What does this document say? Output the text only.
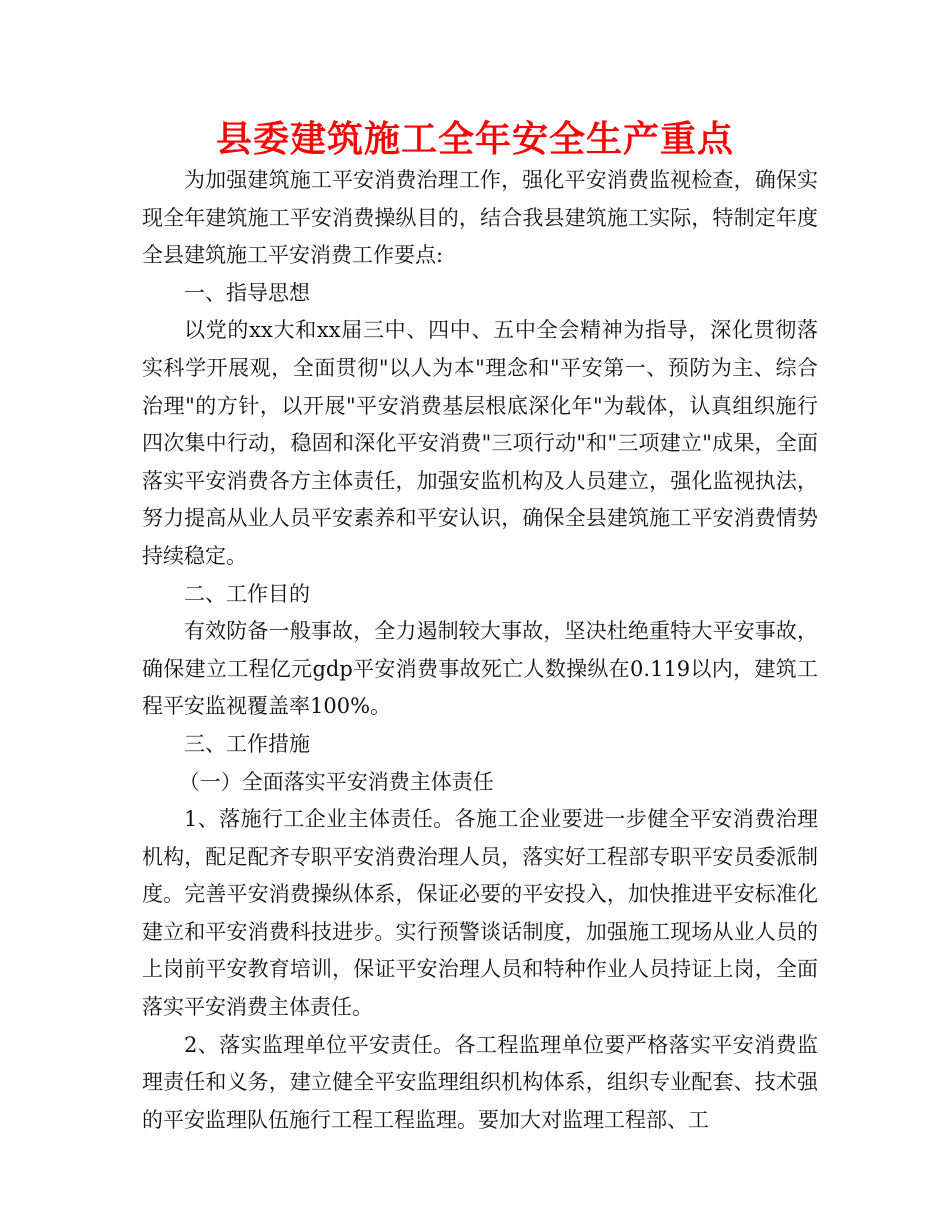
县委建筑施工全年安全生产重点

为加强建筑施工平安消费治理工作，强化平安消费监视检查，确保实现全年建筑施工平安消费操纵目的，结合我县建筑施工实际，特制定年度全县建筑施工平安消费工作要点:

一、指导思想

以党的xx大和xx届三中、四中、五中全会精神为指导，深化贯彻落实科学开展观，全面贯彻"以人为本"理念和"平安第一、预防为主、综合治理"的方针，以开展"平安消费基层根底深化年"为载体，认真组织施行四次集中行动，稳固和深化平安消费"三项行动"和"三项建立"成果，全面落实平安消费各方主体责任，加强安监机构及人员建立，强化监视执法，努力提高从业人员平安素养和平安认识，确保全县建筑施工平安消费情势持续稳定。

二、工作目的

有效防备一般事故，全力遏制较大事故，坚决杜绝重特大平安事故，确保建立工程亿元gdp平安消费事故死亡人数操纵在0.119以内，建筑工程平安监视覆盖率100%。

三、工作措施

（一）全面落实平安消费主体责任

1、落施行工企业主体责任。各施工企业要进一步健全平安消费治理机构，配足配齐专职平安消费治理人员，落实好工程部专职平安员委派制度。完善平安消费操纵体系，保证必要的平安投入，加快推进平安标准化建立和平安消费科技进步。实行预警谈话制度，加强施工现场从业人员的上岗前平安教育培训，保证平安治理人员和特种作业人员持证上岗，全面落实平安消费主体责任。

2、落实监理单位平安责任。各工程监理单位要严格落实平安消费监理责任和义务，建立健全平安监理组织机构体系，组织专业配套、技术强的平安监理队伍施行工程工程监理。要加大对监理工程部、工
